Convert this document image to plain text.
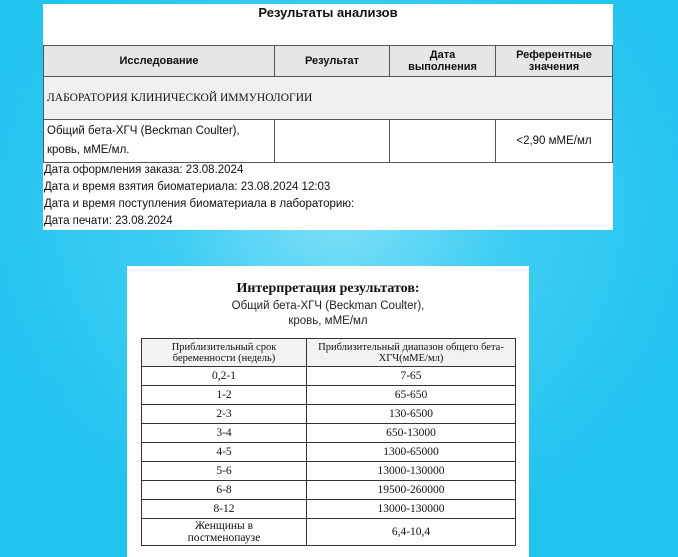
Результаты анализов
Исследование	Результат	Дата выполнения	Референтные значения
ЛАБОРАТОРИЯ КЛИНИЧЕСКОЙ ИММУНОЛОГИИ			

Общий бета-ХГЧ (Beckman Coulter),
кровь, мМЕ/мл.			<2,90 мМЕ/мл
Дата оформления заказа: 23.08.2024
Дата и время взятия биоматериала: 23.08.2024 12:03
Дата и время поступления биоматериала в лабораторию:
Дата печати: 23.08.2024
Интерпретация результатов:
Общий бета-ХГЧ (Beckman Coulter),
кровь, мМЕ/мл
Приблизительный срок беременности (недель)	Приблизительный диапазон общего бета-ХГЧ(мМЕ/мл)
0,2-1	7-65
1-2	65-650
2-3	130-6500
3-4	650-13000
4-5	1300-65000
5-6	13000-130000
6-8	19500-260000
8-12	13000-130000

Женщины в
постменопаузе	6,4-10,4
